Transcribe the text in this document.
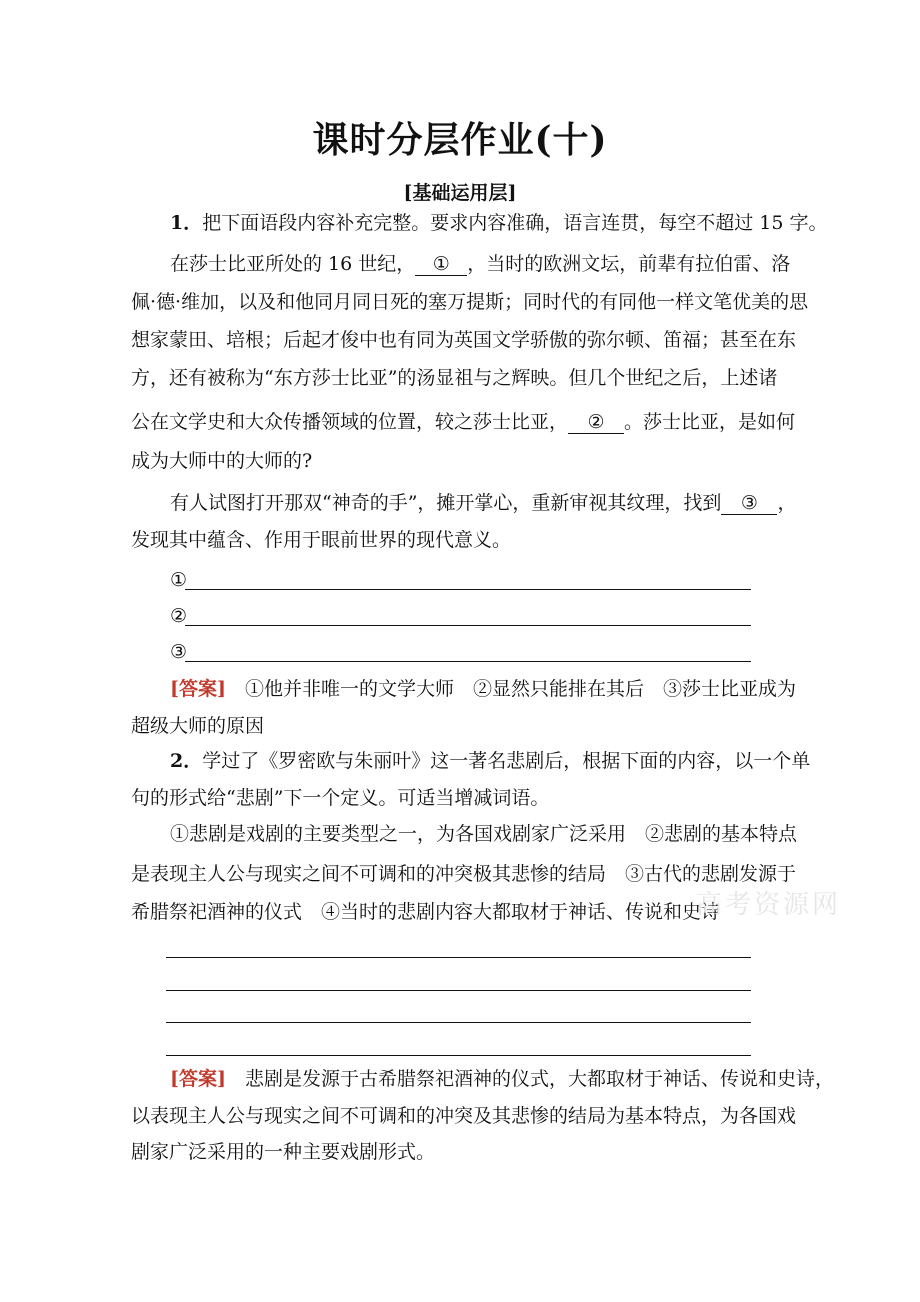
课时分层作业(十)
[基础运用层]
1．把下面语段内容补充完整。要求内容准确，语言连贯，每空不超过 15 字。
在莎士比亚所处的 16 世纪， ① ，当时的欧洲文坛，前辈有拉伯雷、洛
佩·德·维加，以及和他同月同日死的塞万提斯；同时代的有同他一样文笔优美的思
想家蒙田、培根；后起才俊中也有同为英国文学骄傲的弥尔顿、笛福；甚至在东
方，还有被称为“东方莎士比亚”的汤显祖与之辉映。但几个世纪之后，上述诸
公在文学史和大众传播领域的位置，较之莎士比亚， ② 。莎士比亚，是如何
成为大师中的大师的?
有人试图打开那双“神奇的手”，摊开掌心，重新审视其纹理，找到 ③ ，
发现其中蕴含、作用于眼前世界的现代意义。
①
②
③
[答案]　 ①他并非唯一的文学大师　②显然只能排在其后　③莎士比亚成为
超级大师的原因
2．学过了《罗密欧与朱丽叶》这一著名悲剧后，根据下面的内容，以一个单
句的形式给“悲剧”下一个定义。可适当增减词语。
①悲剧是戏剧的主要类型之一，为各国戏剧家广泛采用　②悲剧的基本特点
是表现主人公与现实之间不可调和的冲突极其悲惨的结局　③古代的悲剧发源于
希腊祭祀酒神的仪式　④当时的悲剧内容大都取材于神话、传说和史诗
[答案]　 悲剧是发源于古希腊祭祀酒神的仪式，大都取材于神话、传说和史诗，
以表现主人公与现实之间不可调和的冲突及其悲惨的结局为基本特点，为各国戏
剧家广泛采用的一种主要戏剧形式。
高考资源网
